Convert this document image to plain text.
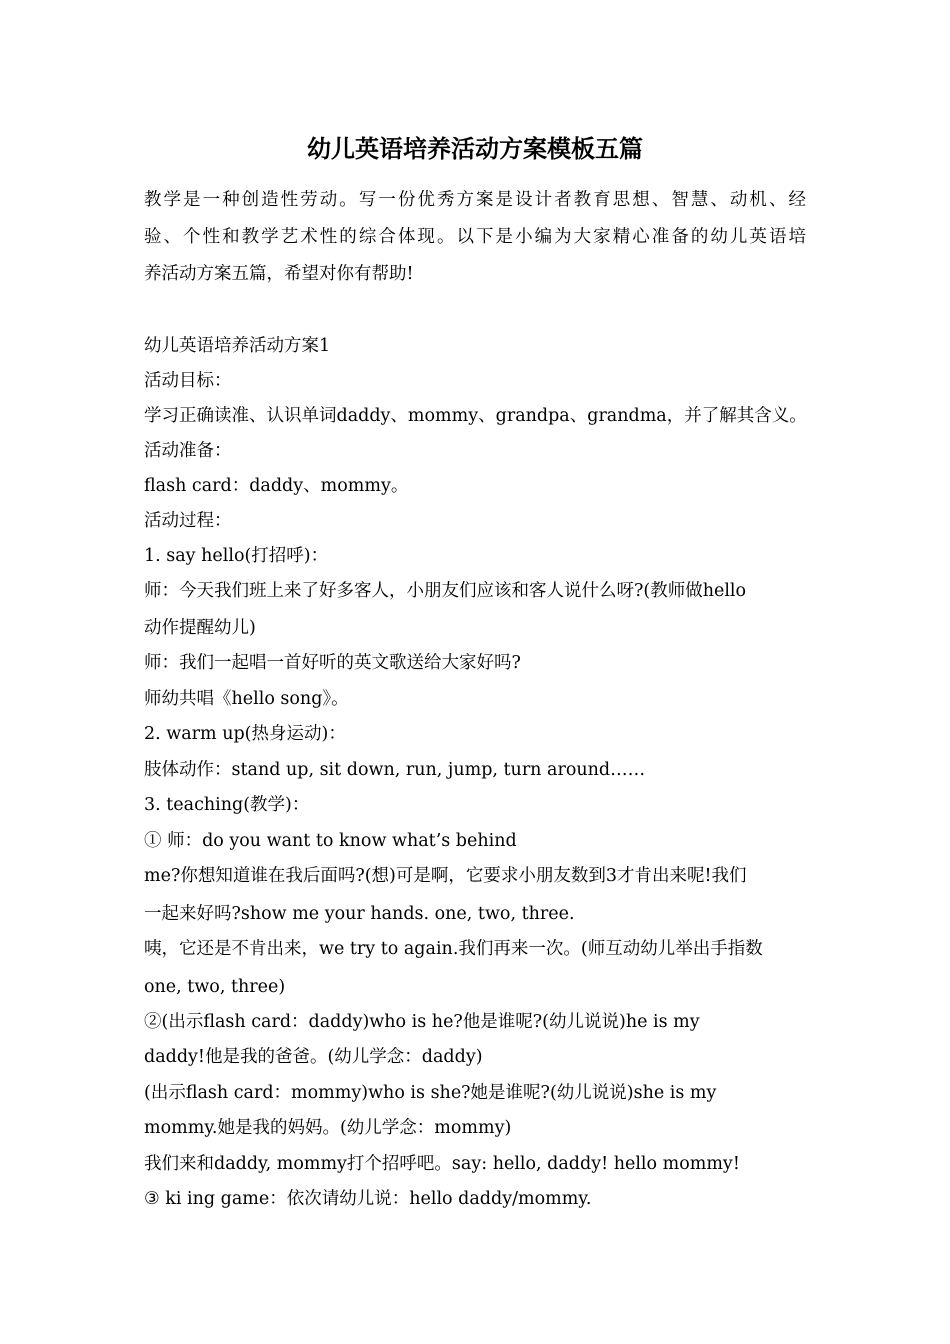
幼儿英语培养活动方案模板五篇
教学是一种创造性劳动。写一份优秀方案是设计者教育思想、智慧、动机、经
验、个性和教学艺术性的综合体现。以下是小编为大家精心准备的幼儿英语培
养活动方案五篇，希望对你有帮助!
幼儿英语培养活动方案1
活动目标：
学习正确读准、认识单词daddy、mommy、grandpa、grandma，并了解其含义。
活动准备：
flash card：daddy、mommy。
活动过程：
1. say hello(打招呼)：
师：今天我们班上来了好多客人，小朋友们应该和客人说什么呀?(教师做hello
动作提醒幼儿)
师：我们一起唱一首好听的英文歌送给大家好吗?
师幼共唱《hello song》。
2. warm up(热身运动)：
肢体动作：stand up, sit down, run, jump, turn around……
3. teaching(教学)：
① 师：do you want to know what’s behind
me?你想知道谁在我后面吗?(想)可是啊，它要求小朋友数到3才肯出来呢!我们
一起来好吗?show me your hands. one, two, three.
咦，它还是不肯出来，we try to again.我们再来一次。(师互动幼儿举出手指数
one, two, three)
②(出示flash card：daddy)who is he?他是谁呢?(幼儿说说)he is my
daddy!他是我的爸爸。(幼儿学念：daddy)
(出示flash card：mommy)who is she?她是谁呢?(幼儿说说)she is my
mommy.她是我的妈妈。(幼儿学念：mommy)
我们来和daddy, mommy打个招呼吧。say: hello, daddy! hello mommy!
③ ki ing game：依次请幼儿说：hello daddy/mommy.
